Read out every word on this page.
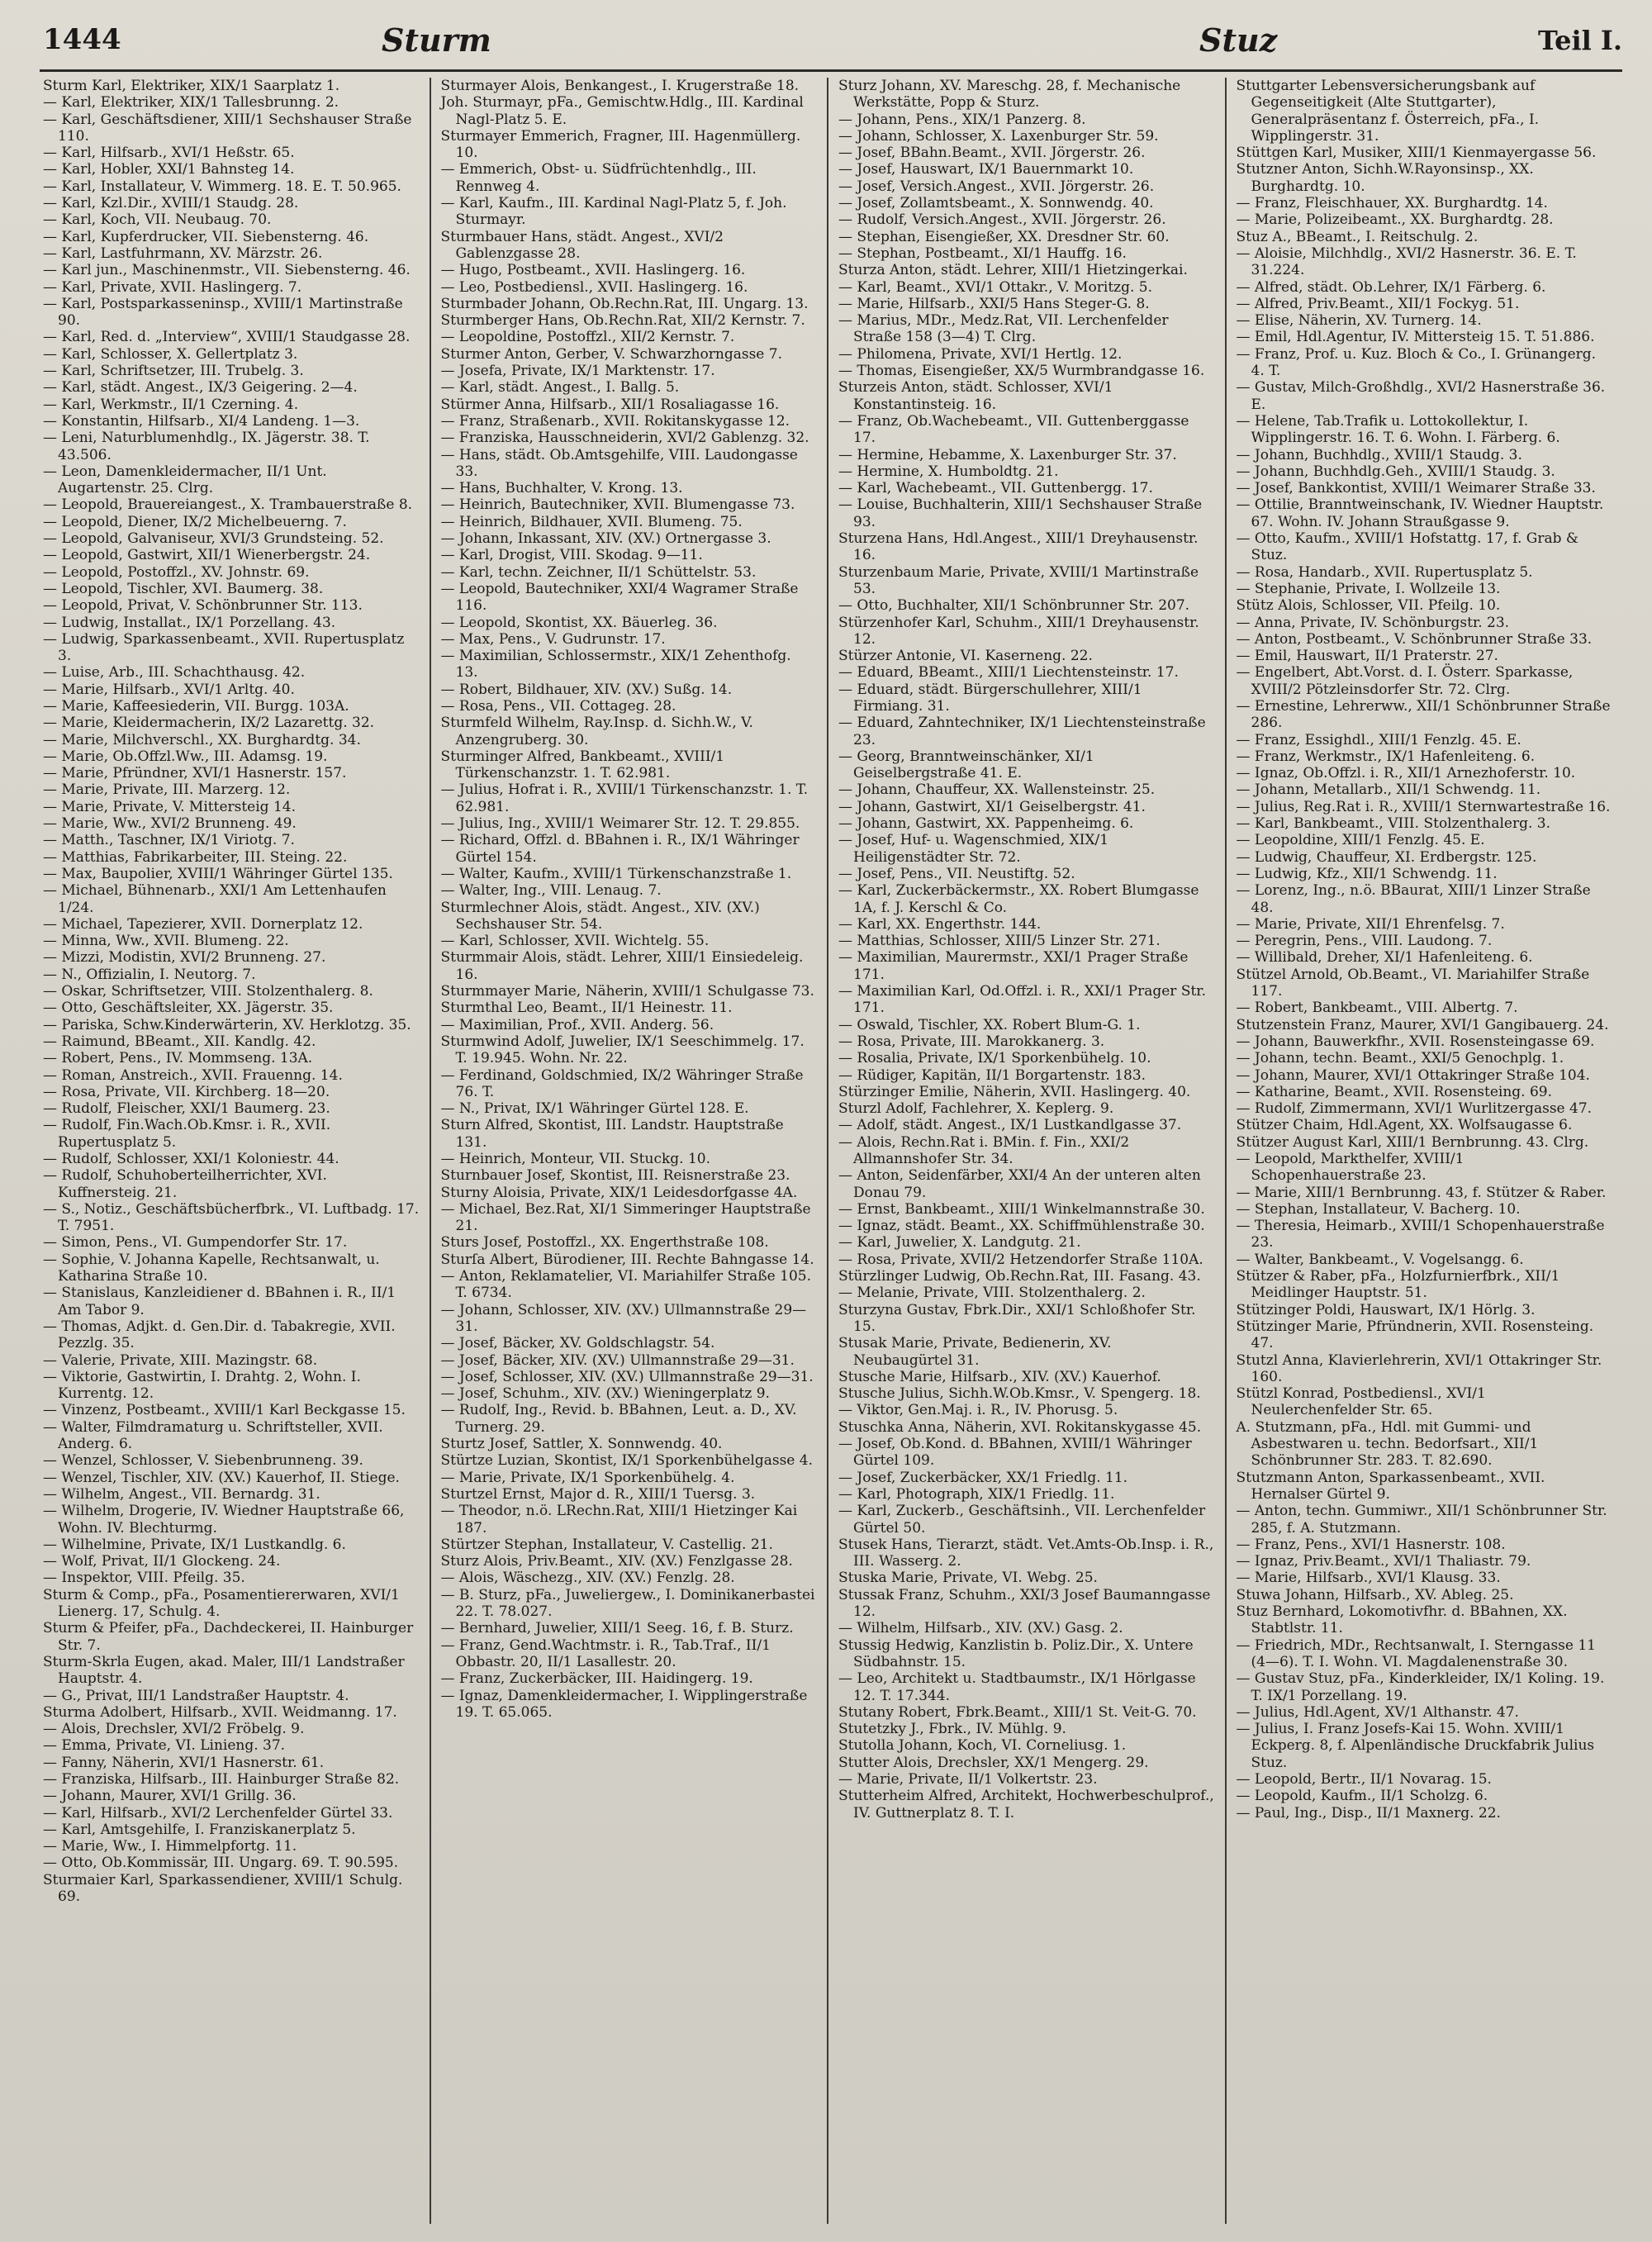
1444	Sturm	Stuz	Teil I.

Sturm Karl, Elektriker, XIX/1 Saarplatz 1.

— Karl, Elektriker, XIX/1 Tallesbrunng. 2.

— Karl, Geschäftsdiener, XIII/1 Sechshauser Straße 110.

— Karl, Hilfsarb., XVI/1 Heßstr. 65.

— Karl, Hobler, XXI/1 Bahnsteg 14.

— Karl, Installateur, V. Wimmerg. 18. E. T. 50.965.

— Karl, Kzl.Dir., XVIII/1 Staudg. 28.

— Karl, Koch, VII. Neubaug. 70.

— Karl, Kupferdrucker, VII. Siebensterng. 46.

— Karl, Lastfuhrmann, XV. Märzstr. 26.

— Karl jun., Maschinenmstr., VII. Siebensterng. 46.

— Karl, Private, XVII. Haslingerg. 7.

— Karl, Postsparkasseninsp., XVIII/1 Martinstraße 90.

— Karl, Red. d. „Interview“, XVIII/1 Staudgasse 28.

— Karl, Schlosser, X. Gellertplatz 3.

— Karl, Schriftsetzer, III. Trubelg. 3.

— Karl, städt. Angest., IX/3 Geigering. 2—4.

— Karl, Werkmstr., II/1 Czerning. 4.

— Konstantin, Hilfsarb., XI/4 Landeng. 1—3.

— Leni, Naturblumenhdlg., IX. Jägerstr. 38. T. 43.506.

— Leon, Damenkleidermacher, II/1 Unt. Augartenstr. 25. Clrg.

— Leopold, Brauereiangest., X. Trambauerstraße 8.

— Leopold, Diener, IX/2 Michelbeuerng. 7.

— Leopold, Galvaniseur, XVI/3 Grundsteing. 52.

— Leopold, Gastwirt, XII/1 Wienerbergstr. 24.

— Leopold, Postoffzl., XV. Johnstr. 69.

— Leopold, Tischler, XVI. Baumerg. 38.

— Leopold, Privat, V. Schönbrunner Str. 113.

— Ludwig, Installat., IX/1 Porzellang. 43.

— Ludwig, Sparkassenbeamt., XVII. Rupertusplatz 3.

— Luise, Arb., III. Schachthausg. 42.

— Marie, Hilfsarb., XVI/1 Arltg. 40.

— Marie, Kaffeesiederin, VII. Burgg. 103A.

— Marie, Kleidermacherin, IX/2 Lazarettg. 32.

— Marie, Milchverschl., XX. Burghardtg. 34.

— Marie, Ob.Offzl.Ww., III. Adamsg. 19.

— Marie, Pfründner, XVI/1 Hasnerstr. 157.

— Marie, Private, III. Marzerg. 12.

— Marie, Private, V. Mittersteig 14.

— Marie, Ww., XVI/2 Brunneng. 49.

— Matth., Taschner, IX/1 Viriotg. 7.

— Matthias, Fabrikarbeiter, III. Steing. 22.

— Max, Baupolier, XVIII/1 Währinger Gürtel 135.

— Michael, Bühnenarb., XXI/1 Am Lettenhaufen 1/24.

— Michael, Tapezierer, XVII. Dornerplatz 12.

— Minna, Ww., XVII. Blumeng. 22.

— Mizzi, Modistin, XVI/2 Brunneng. 27.

— N., Offizialin, I. Neutorg. 7.

— Oskar, Schriftsetzer, VIII. Stolzenthalerg. 8.

— Otto, Geschäftsleiter, XX. Jägerstr. 35.

— Pariska, Schw.Kinderwärterin, XV. Herklotzg. 35.

— Raimund, BBeamt., XII. Kandlg. 42.

— Robert, Pens., IV. Mommseng. 13A.

— Roman, Anstreich., XVII. Frauenng. 14.

— Rosa, Private, VII. Kirchberg. 18—20.

— Rudolf, Fleischer, XXI/1 Baumerg. 23.

— Rudolf, Fin.Wach.Ob.Kmsr. i. R., XVII. Rupertusplatz 5.

— Rudolf, Schlosser, XXI/1 Koloniestr. 44.

— Rudolf, Schuhoberteilherrichter, XVI. Kuffnersteig. 21.

— S., Notiz., Geschäftsbücherfbrk., VI. Luftbadg. 17. T. 7951.

— Simon, Pens., VI. Gumpendorfer Str. 17.

— Sophie, V. Johanna Kapelle, Rechtsanwalt, u. Katharina Straße 10.

— Stanislaus, Kanzleidiener d. BBahnen i. R., II/1 Am Tabor 9.

— Thomas, Adjkt. d. Gen.Dir. d. Tabakregie, XVII. Pezzlg. 35.

— Valerie, Private, XIII. Mazingstr. 68.

— Viktorie, Gastwirtin, I. Drahtg. 2, Wohn. I. Kurrentg. 12.

— Vinzenz, Postbeamt., XVIII/1 Karl Beckgasse 15.

— Walter, Filmdramaturg u. Schriftsteller, XVII. Anderg. 6.

— Wenzel, Schlosser, V. Siebenbrunneng. 39.

— Wenzel, Tischler, XIV. (XV.) Kauerhof, II. Stiege.

— Wilhelm, Angest., VII. Bernardg. 31.

— Wilhelm, Drogerie, IV. Wiedner Hauptstraße 66, Wohn. IV. Blechturmg.

— Wilhelmine, Private, IX/1 Lustkandlg. 6.

— Wolf, Privat, II/1 Glockeng. 24.

— Inspektor, VIII. Pfeilg. 35.

Sturm & Comp., pFa., Posamentiererwaren, XVI/1 Lienerg. 17, Schulg. 4.

Sturm & Pfeifer, pFa., Dachdeckerei, II. Hainburger Str. 7.

Sturm-Skrla Eugen, akad. Maler, III/1 Landstraßer Hauptstr. 4.

— G., Privat, III/1 Landstraßer Hauptstr. 4.

Sturma Adolbert, Hilfsarb., XVII. Weidmanng. 17.

— Alois, Drechsler, XVI/2 Fröbelg. 9.

— Emma, Private, VI. Linieng. 37.

— Fanny, Näherin, XVI/1 Hasnerstr. 61.

— Franziska, Hilfsarb., III. Hainburger Straße 82.

— Johann, Maurer, XVI/1 Grillg. 36.

— Karl, Hilfsarb., XVI/2 Lerchenfelder Gürtel 33.

— Karl, Amtsgehilfe, I. Franziskanerplatz 5.

— Marie, Ww., I. Himmelpfortg. 11.

— Otto, Ob.Kommissär, III. Ungarg. 69. T. 90.595.

Sturmaier Karl, Sparkassendiener, XVIII/1 Schulg. 69.

Sturmayer Alois, Benkangest., I. Krugerstraße 18.

Joh. Sturmayr, pFa., Gemischtw.Hdlg., III. Kardinal Nagl-Platz 5. E.

Sturmayer Emmerich, Fragner, III. Hagenmüllerg. 10.

— Emmerich, Obst- u. Südfrüchtenhdlg., III. Rennweg 4.

— Karl, Kaufm., III. Kardinal Nagl-Platz 5, f. Joh. Sturmayr.

Sturmbauer Hans, städt. Angest., XVI/2 Gablenzgasse 28.

— Hugo, Postbeamt., XVII. Haslingerg. 16.

— Leo, Postbediensl., XVII. Haslingerg. 16.

Sturmbader Johann, Ob.Rechn.Rat, III. Ungarg. 13.

Sturmberger Hans, Ob.Rechn.Rat, XII/2 Kernstr. 7.

— Leopoldine, Postoffzl., XII/2 Kernstr. 7.

Sturmer Anton, Gerber, V. Schwarzhorngasse 7.

— Josefa, Private, IX/1 Marktenstr. 17.

— Karl, städt. Angest., I. Ballg. 5.

Stürmer Anna, Hilfsarb., XII/1 Rosaliagasse 16.

— Franz, Straßenarb., XVII. Rokitanskygasse 12.

— Franziska, Hausschneiderin, XVI/2 Gablenzg. 32.

— Hans, städt. Ob.Amtsgehilfe, VIII. Laudongasse 33.

— Hans, Buchhalter, V. Krong. 13.

— Heinrich, Bautechniker, XVII. Blumengasse 73.

— Heinrich, Bildhauer, XVII. Blumeng. 75.

— Johann, Inkassant, XIV. (XV.) Ortnergasse 3.

— Karl, Drogist, VIII. Skodag. 9—11.

— Karl, techn. Zeichner, II/1 Schüttelstr. 53.

— Leopold, Bautechniker, XXI/4 Wagramer Straße 116.

— Leopold, Skontist, XX. Bäuerleg. 36.

— Max, Pens., V. Gudrunstr. 17.

— Maximilian, Schlossermstr., XIX/1 Zehenthofg. 13.

— Robert, Bildhauer, XIV. (XV.) Sußg. 14.

— Rosa, Pens., VII. Cottageg. 28.

Sturmfeld Wilhelm, Ray.Insp. d. Sichh.W., V. Anzengruberg. 30.

Sturminger Alfred, Bankbeamt., XVIII/1 Türkenschanzstr. 1. T. 62.981.

— Julius, Hofrat i. R., XVIII/1 Türkenschanzstr. 1. T. 62.981.

— Julius, Ing., XVIII/1 Weimarer Str. 12. T. 29.855.

— Richard, Offzl. d. BBahnen i. R., IX/1 Währinger Gürtel 154.

— Walter, Kaufm., XVIII/1 Türkenschanzstraße 1.

— Walter, Ing., VIII. Lenaug. 7.

Sturmlechner Alois, städt. Angest., XIV. (XV.) Sechshauser Str. 54.

— Karl, Schlosser, XVII. Wichtelg. 55.

Sturmmair Alois, städt. Lehrer, XIII/1 Einsiedeleig. 16.

Sturmmayer Marie, Näherin, XVIII/1 Schulgasse 73.

Sturmthal Leo, Beamt., II/1 Heinestr. 11.

— Maximilian, Prof., XVII. Anderg. 56.

Sturmwind Adolf, Juwelier, IX/1 Seeschimmelg. 17. T. 19.945. Wohn. Nr. 22.

— Ferdinand, Goldschmied, IX/2 Währinger Straße 76. T.

— N., Privat, IX/1 Währinger Gürtel 128. E.

Sturn Alfred, Skontist, III. Landstr. Hauptstraße 131.

— Heinrich, Monteur, VII. Stuckg. 10.

Sturnbauer Josef, Skontist, III. Reisnerstraße 23.

Sturny Aloisia, Private, XIX/1 Leidesdorfgasse 4A.

— Michael, Bez.Rat, XI/1 Simmeringer Hauptstraße 21.

Sturs Josef, Postoffzl., XX. Engerthstraße 108.

Sturſa Albert, Bürodiener, III. Rechte Bahngasse 14.

— Anton, Reklamatelier, VI. Mariahilfer Straße 105. T. 6734.

— Johann, Schlosser, XIV. (XV.) Ullmannstraße 29—31.

— Josef, Bäcker, XV. Goldschlagstr. 54.

— Josef, Bäcker, XIV. (XV.) Ullmannstraße 29—31.

— Josef, Schlosser, XIV. (XV.) Ullmannstraße 29—31.

— Josef, Schuhm., XIV. (XV.) Wieningerplatz 9.

— Rudolf, Ing., Revid. b. BBahnen, Leut. a. D., XV. Turnerg. 29.

Sturtz Josef, Sattler, X. Sonnwendg. 40.

Stürtze Luzian, Skontist, IX/1 Sporkenbühelgasse 4.

— Marie, Private, IX/1 Sporkenbühelg. 4.

Sturtzel Ernst, Major d. R., XIII/1 Tuersg. 3.

— Theodor, n.ö. LRechn.Rat, XIII/1 Hietzinger Kai 187.

Stürtzer Stephan, Installateur, V. Castellig. 21.

Sturz Alois, Priv.Beamt., XIV. (XV.) Fenzlgasse 28.

— Alois, Wäschezg., XIV. (XV.) Fenzlg. 28.

— B. Sturz, pFa., Juweliergew., I. Dominikanerbastei 22. T. 78.027.

— Bernhard, Juwelier, XIII/1 Seeg. 16, f. B. Sturz.

— Franz, Gend.Wachtmstr. i. R., Tab.Traf., II/1 Obbastr. 20, II/1 Lasallestr. 20.

— Franz, Zuckerbäcker, III. Haidingerg. 19.

— Ignaz, Damenkleidermacher, I. Wipplingerstraße 19. T. 65.065.

Sturz Johann, XV. Mareschg. 28, f. Mechanische Werkstätte, Popp & Sturz.

— Johann, Pens., XIX/1 Panzerg. 8.

— Johann, Schlosser, X. Laxenburger Str. 59.

— Josef, BBahn.Beamt., XVII. Jörgerstr. 26.

— Josef, Hauswart, IX/1 Bauernmarkt 10.

— Josef, Versich.Angest., XVII. Jörgerstr. 26.

— Josef, Zollamtsbeamt., X. Sonnwendg. 40.

— Rudolf, Versich.Angest., XVII. Jörgerstr. 26.

— Stephan, Eisengießer, XX. Dresdner Str. 60.

— Stephan, Postbeamt., XI/1 Hauffg. 16.

Sturza Anton, städt. Lehrer, XIII/1 Hietzingerkai.

— Karl, Beamt., XVI/1 Ottakr., V. Moritzg. 5.

— Marie, Hilfsarb., XXI/5 Hans Steger-G. 8.

— Marius, MDr., Medz.Rat, VII. Lerchenfelder Straße 158 (3—4) T. Clrg.

— Philomena, Private, XVI/1 Hertlg. 12.

— Thomas, Eisengießer, XX/5 Wurmbrandgasse 16.

Sturzeis Anton, städt. Schlosser, XVI/1 Konstantinsteig. 16.

— Franz, Ob.Wachebeamt., VII. Guttenberggasse 17.

— Hermine, Hebamme, X. Laxenburger Str. 37.

— Hermine, X. Humboldtg. 21.

— Karl, Wachebeamt., VII. Guttenbergg. 17.

— Louise, Buchhalterin, XIII/1 Sechshauser Straße 93.

Sturzena Hans, Hdl.Angest., XIII/1 Dreyhausenstr. 16.

Sturzenbaum Marie, Private, XVIII/1 Martinstraße 53.

— Otto, Buchhalter, XII/1 Schönbrunner Str. 207.

Stürzenhofer Karl, Schuhm., XIII/1 Dreyhausenstr. 12.

Stürzer Antonie, VI. Kaserneng. 22.

— Eduard, BBeamt., XIII/1 Liechtensteinstr. 17.

— Eduard, städt. Bürgerschullehrer, XIII/1 Firmiang. 31.

— Eduard, Zahntechniker, IX/1 Liechtensteinstraße 23.

— Georg, Branntweinschänker, XI/1 Geiselbergstraße 41. E.

— Johann, Chauffeur, XX. Wallensteinstr. 25.

— Johann, Gastwirt, XI/1 Geiselbergstr. 41.

— Johann, Gastwirt, XX. Pappenheimg. 6.

— Josef, Huf- u. Wagenschmied, XIX/1 Heiligenstädter Str. 72.

— Josef, Pens., VII. Neustiftg. 52.

— Karl, Zuckerbäckermstr., XX. Robert Blumgasse 1A, f. J. Kerschl & Co.

— Karl, XX. Engerthstr. 144.

— Matthias, Schlosser, XIII/5 Linzer Str. 271.

— Maximilian, Maurermstr., XXI/1 Prager Straße 171.

— Maximilian Karl, Od.Offzl. i. R., XXI/1 Prager Str. 171.

— Oswald, Tischler, XX. Robert Blum-G. 1.

— Rosa, Private, III. Marokkanerg. 3.

— Rosalia, Private, IX/1 Sporkenbühelg. 10.

— Rüdiger, Kapitän, II/1 Borgartenstr. 183.

Stürzinger Emilie, Näherin, XVII. Haslingerg. 40.

Sturzl Adolf, Fachlehrer, X. Keplerg. 9.

— Adolf, städt. Angest., IX/1 Lustkandlgasse 37.

— Alois, Rechn.Rat i. BMin. f. Fin., XXI/2 Allmannshofer Str. 34.

— Anton, Seidenfärber, XXI/4 An der unteren alten Donau 79.

— Ernst, Bankbeamt., XIII/1 Winkelmannstraße 30.

— Ignaz, städt. Beamt., XX. Schiffmühlenstraße 30.

— Karl, Juwelier, X. Landgutg. 21.

— Rosa, Private, XVII/2 Hetzendorfer Straße 110A.

Stürzlinger Ludwig, Ob.Rechn.Rat, III. Fasang. 43.

— Melanie, Private, VIII. Stolzenthalerg. 2.

Sturzyna Gustav, Fbrk.Dir., XXI/1 Schloßhofer Str. 15.

Stusak Marie, Private, Bedienerin, XV. Neubaugürtel 31.

Stusche Marie, Hilfsarb., XIV. (XV.) Kauerhof.

Stusche Julius, Sichh.W.Ob.Kmsr., V. Spengerg. 18.

— Viktor, Gen.Maj. i. R., IV. Phorusg. 5.

Stuschka Anna, Näherin, XVI. Rokitanskygasse 45.

— Josef, Ob.Kond. d. BBahnen, XVIII/1 Währinger Gürtel 109.

— Josef, Zuckerbäcker, XX/1 Friedlg. 11.

— Karl, Photograph, XIX/1 Friedlg. 11.

— Karl, Zuckerb., Geschäftsinh., VII. Lerchenfelder Gürtel 50.

Stusek Hans, Tierarzt, städt. Vet.Amts-Ob.Insp. i. R., III. Wasserg. 2.

Stuska Marie, Private, VI. Webg. 25.

Stussak Franz, Schuhm., XXI/3 Josef Baumanngasse 12.

— Wilhelm, Hilfsarb., XIV. (XV.) Gasg. 2.

Stussig Hedwig, Kanzlistin b. Poliz.Dir., X. Untere Südbahnstr. 15.

— Leo, Architekt u. Stadtbaumstr., IX/1 Hörlgasse 12. T. 17.344.

Stutany Robert, Fbrk.Beamt., XIII/1 St. Veit-G. 70.

Stutetzky J., Fbrk., IV. Mühlg. 9.

Stutolla Johann, Koch, VI. Corneliusg. 1.

Stutter Alois, Drechsler, XX/1 Mengerg. 29.

— Marie, Private, II/1 Volkertstr. 23.

Stutterheim Alfred, Architekt, Hochwerbeschulprof., IV. Guttnerplatz 8. T. I.

Stuttgarter Lebensversicherungsbank auf Gegenseitigkeit (Alte Stuttgarter), Generalpräsentanz f. Österreich, pFa., I. Wipplingerstr. 31.

Stüttgen Karl, Musiker, XIII/1 Kienmayergasse 56.

Stutzner Anton, Sichh.W.Rayonsinsp., XX. Burghardtg. 10.

— Franz, Fleischhauer, XX. Burghardtg. 14.

— Marie, Polizeibeamt., XX. Burghardtg. 28.

Stuz A., BBeamt., I. Reitschulg. 2.

— Aloisie, Milchhdlg., XVI/2 Hasnerstr. 36. E. T. 31.224.

— Alfred, städt. Ob.Lehrer, IX/1 Färberg. 6.

— Alfred, Priv.Beamt., XII/1 Fockyg. 51.

— Elise, Näherin, XV. Turnerg. 14.

— Emil, Hdl.Agentur, IV. Mittersteig 15. T. 51.886.

— Franz, Prof. u. Kuz. Bloch & Co., I. Grünangerg. 4. T.

— Gustav, Milch-Großhdlg., XVI/2 Hasnerstraße 36. E.

— Helene, Tab.Trafik u. Lottokollektur, I. Wipplingerstr. 16. T. 6. Wohn. I. Färberg. 6.

— Johann, Buchhdlg., XVIII/1 Staudg. 3.

— Johann, Buchhdlg.Geh., XVIII/1 Staudg. 3.

— Josef, Bankkontist, XVIII/1 Weimarer Straße 33.

— Ottilie, Branntweinschank, IV. Wiedner Hauptstr. 67. Wohn. IV. Johann Straußgasse 9.

— Otto, Kaufm., XVIII/1 Hofstattg. 17, f. Grab & Stuz.

— Rosa, Handarb., XVII. Rupertusplatz 5.

— Stephanie, Private, I. Wollzeile 13.

Stütz Alois, Schlosser, VII. Pfeilg. 10.

— Anna, Private, IV. Schönburgstr. 23.

— Anton, Postbeamt., V. Schönbrunner Straße 33.

— Emil, Hauswart, II/1 Praterstr. 27.

— Engelbert, Abt.Vorst. d. I. Österr. Sparkasse, XVIII/2 Pötzleinsdorfer Str. 72. Clrg.

— Ernestine, Lehrerww., XII/1 Schönbrunner Straße 286.

— Franz, Essighdl., XIII/1 Fenzlg. 45. E.

— Franz, Werkmstr., IX/1 Hafenleiteng. 6.

— Ignaz, Ob.Offzl. i. R., XII/1 Arnezhoferstr. 10.

— Johann, Metallarb., XII/1 Schwendg. 11.

— Julius, Reg.Rat i. R., XVIII/1 Sternwartestraße 16.

— Karl, Bankbeamt., VIII. Stolzenthalerg. 3.

— Leopoldine, XIII/1 Fenzlg. 45. E.

— Ludwig, Chauffeur, XI. Erdbergstr. 125.

— Ludwig, Kfz., XII/1 Schwendg. 11.

— Lorenz, Ing., n.ö. BBaurat, XIII/1 Linzer Straße 48.

— Marie, Private, XII/1 Ehrenfelsg. 7.

— Peregrin, Pens., VIII. Laudong. 7.

— Willibald, Dreher, XI/1 Hafenleiteng. 6.

Stützel Arnold, Ob.Beamt., VI. Mariahilfer Straße 117.

— Robert, Bankbeamt., VIII. Albertg. 7.

Stutzenstein Franz, Maurer, XVI/1 Gangibauerg. 24.

— Johann, Bauwerkfhr., XVII. Rosensteingasse 69.

— Johann, techn. Beamt., XXI/5 Genochplg. 1.

— Johann, Maurer, XVI/1 Ottakringer Straße 104.

— Katharine, Beamt., XVII. Rosensteing. 69.

— Rudolf, Zimmermann, XVI/1 Wurlitzergasse 47.

Stützer Chaim, Hdl.Agent, XX. Wolfsaugasse 6.

Stützer August Karl, XIII/1 Bernbrunng. 43. Clrg.

— Leopold, Markthelfer, XVIII/1 Schopenhauerstraße 23.

— Marie, XIII/1 Bernbrunng. 43, f. Stützer & Raber.

— Stephan, Installateur, V. Bacherg. 10.

— Theresia, Heimarb., XVIII/1 Schopenhauerstraße 23.

— Walter, Bankbeamt., V. Vogelsangg. 6.

Stützer & Raber, pFa., Holzfurnierfbrk., XII/1 Meidlinger Hauptstr. 51.

Stützinger Poldi, Hauswart, IX/1 Hörlg. 3.

Stützinger Marie, Pfründnerin, XVII. Rosensteing. 47.

Stutzl Anna, Klavierlehrerin, XVI/1 Ottakringer Str. 160.

Stützl Konrad, Postbediensl., XVI/1 Neulerchenfelder Str. 65.

A. Stutzmann, pFa., Hdl. mit Gummi- und Asbestwaren u. techn. Bedorfsart., XII/1 Schönbrunner Str. 283. T. 82.690.

Stutzmann Anton, Sparkassenbeamt., XVII. Hernalser Gürtel 9.

— Anton, techn. Gummiwr., XII/1 Schönbrunner Str. 285, f. A. Stutzmann.

— Franz, Pens., XVI/1 Hasnerstr. 108.

— Ignaz, Priv.Beamt., XVI/1 Thaliastr. 79.

— Marie, Hilfsarb., XVI/1 Klausg. 33.

Stuwa Johann, Hilfsarb., XV. Ableg. 25.

Stuz Bernhard, Lokomotivfhr. d. BBahnen, XX. Stabtlstr. 11.

— Friedrich, MDr., Rechtsanwalt, I. Sterngasse 11 (4—6). T. I. Wohn. VI. Magdalenenstraße 30.

— Gustav Stuz, pFa., Kinderkleider, IX/1 Koling. 19. T. IX/1 Porzellang. 19.

— Julius, Hdl.Agent, XV/1 Althanstr. 47.

— Julius, I. Franz Josefs-Kai 15. Wohn. XVIII/1 Eckperg. 8, f. Alpenländische Druckfabrik Julius Stuz.

— Leopold, Bertr., II/1 Novarag. 15.

— Leopold, Kaufm., II/1 Scholzg. 6.

— Paul, Ing., Disp., II/1 Maxnerg. 22.
